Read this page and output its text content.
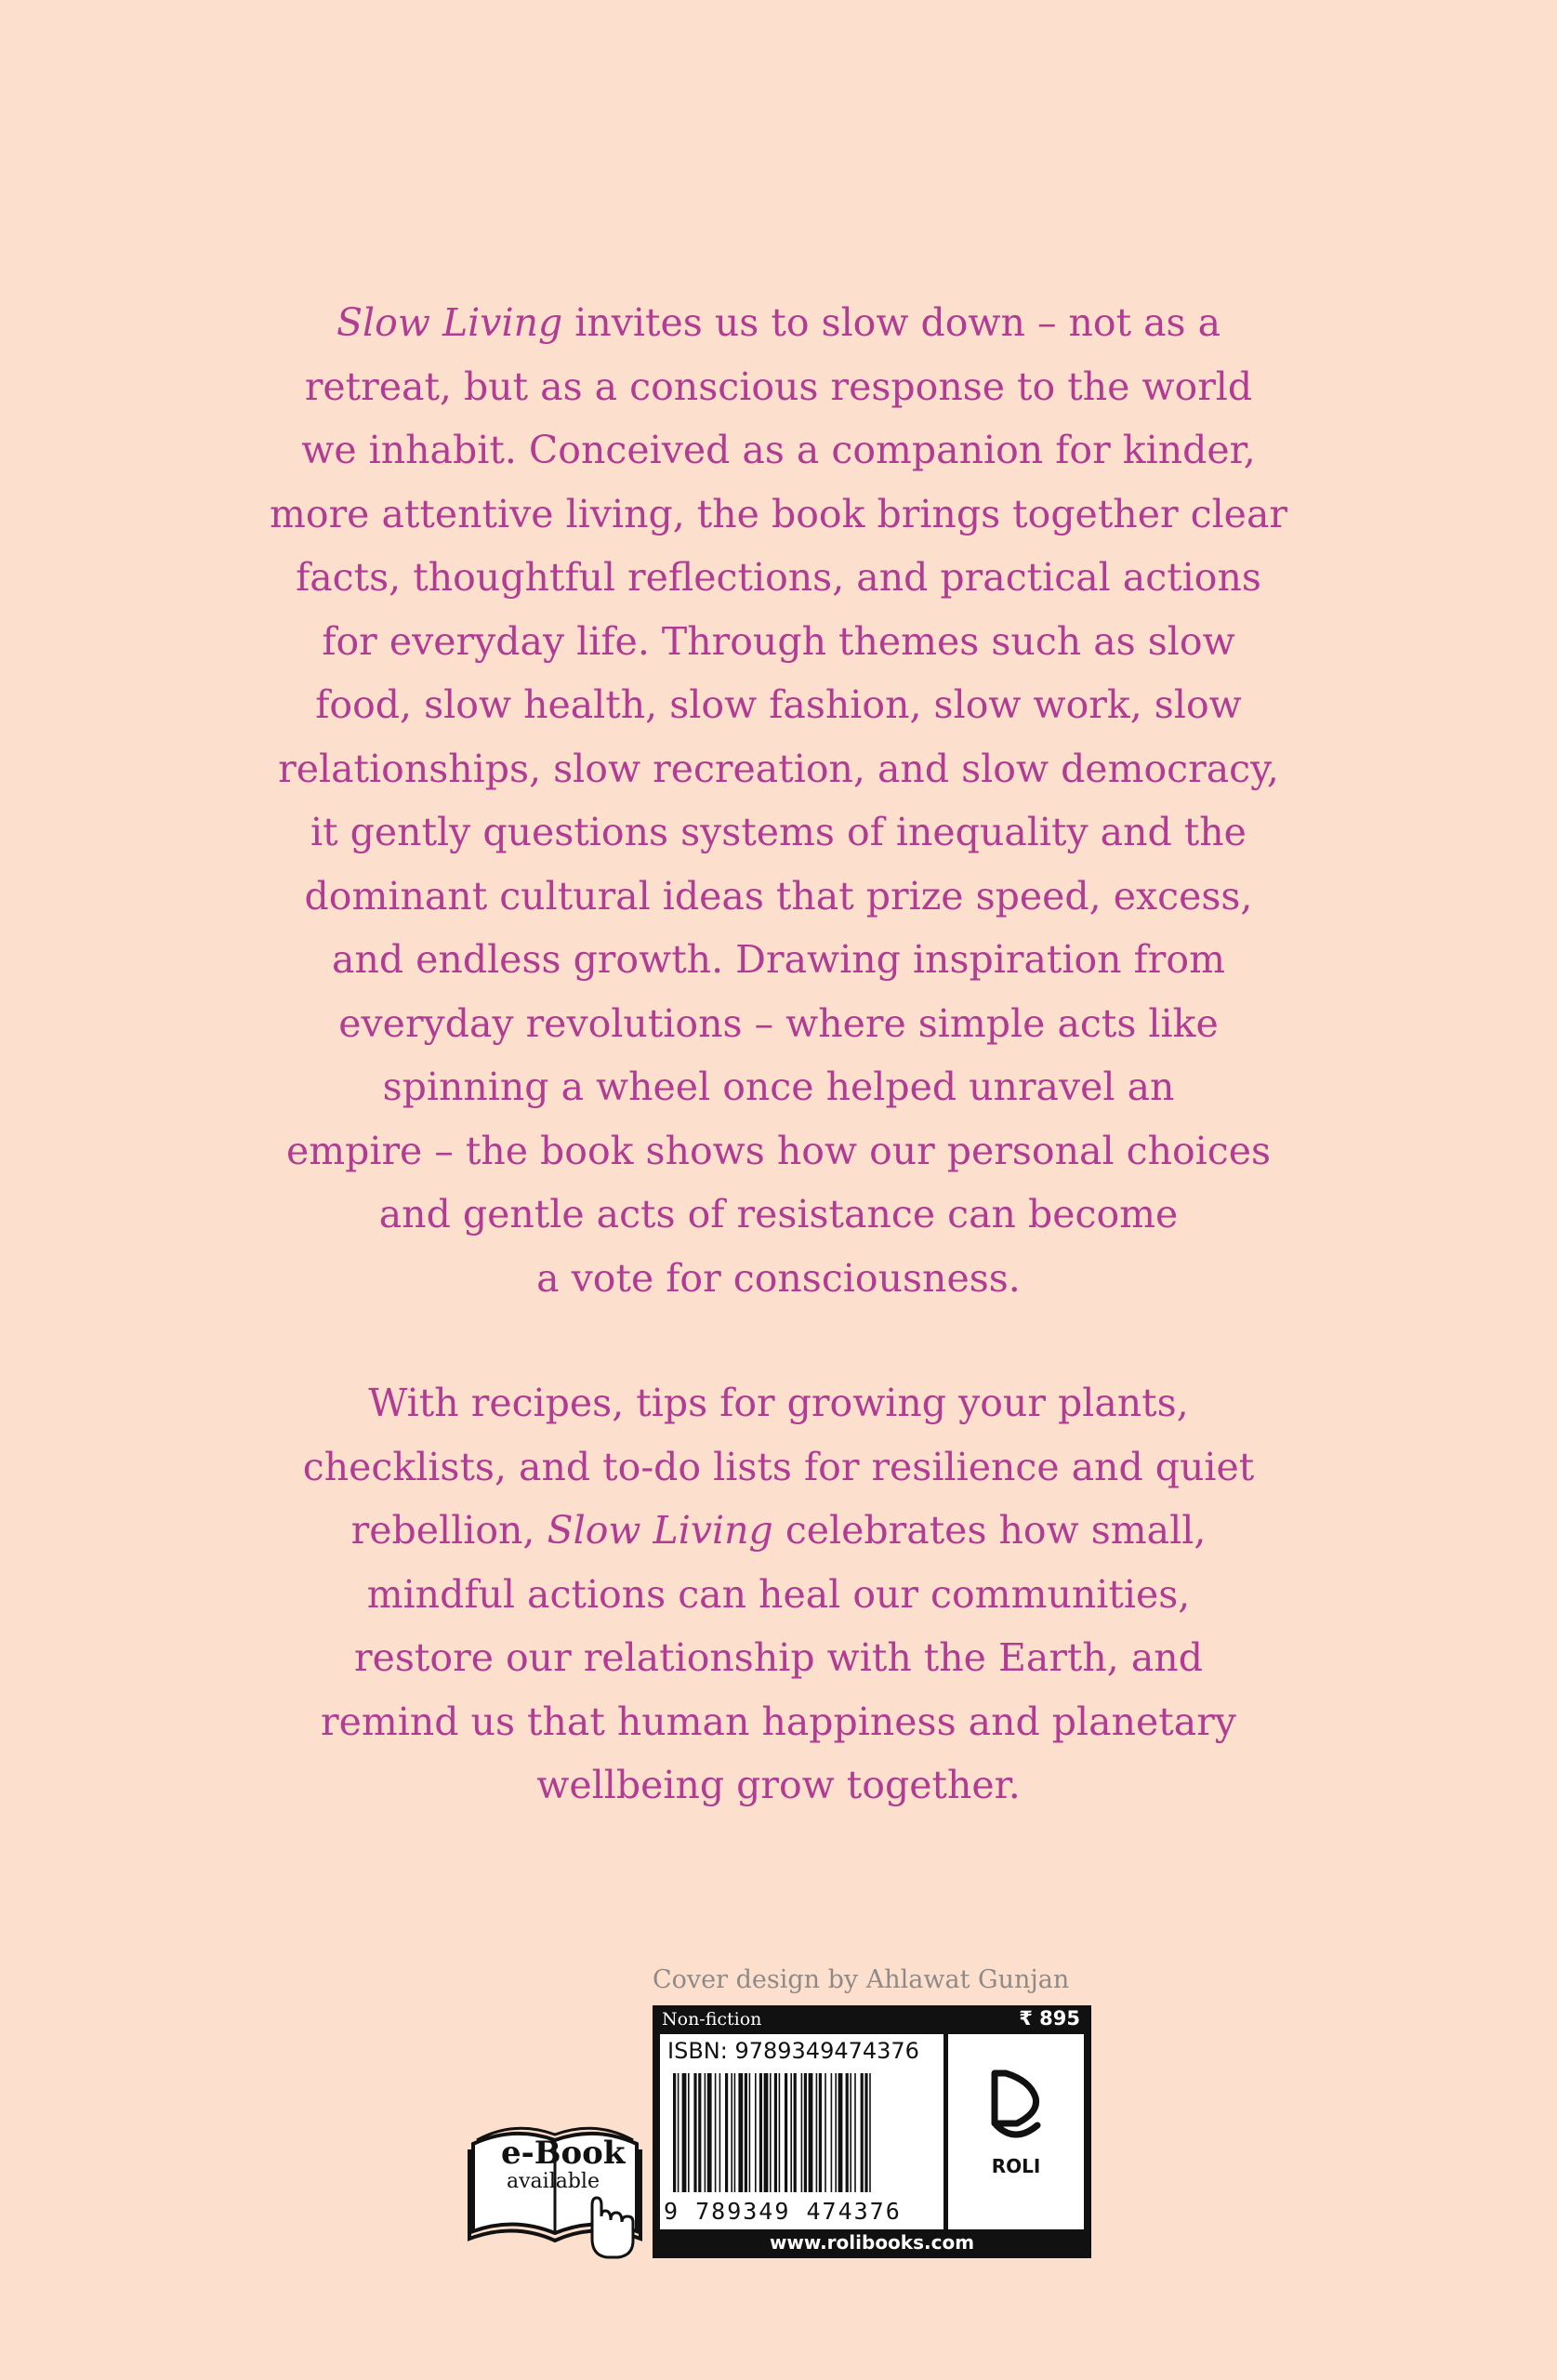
Slow Living invites us to slow down – not as a
retreat, but as a conscious response to the world
we inhabit. Conceived as a companion for kinder,
more attentive living, the book brings together clear
facts, thoughtful reflections, and practical actions
for everyday life. Through themes such as slow
food, slow health, slow fashion, slow work, slow
relationships, slow recreation, and slow democracy,
it gently questions systems of inequality and the
dominant cultural ideas that prize speed, excess,
and endless growth. Drawing inspiration from
everyday revolutions – where simple acts like
spinning a wheel once helped unravel an
empire – the book shows how our personal choices
and gentle acts of resistance can become
a vote for consciousness.
With recipes, tips for growing your plants,
checklists, and to-do lists for resilience and quiet
rebellion, Slow Living celebrates how small,
mindful actions can heal our communities,
restore our relationship with the Earth, and
remind us that human happiness and planetary
wellbeing grow together.
Cover design by Ahlawat Gunjan
Non-fiction	₹ 895
ISBN: 9789349474376
9 789349 474376
ROLI
www.rolibooks.com
e-Book
available
